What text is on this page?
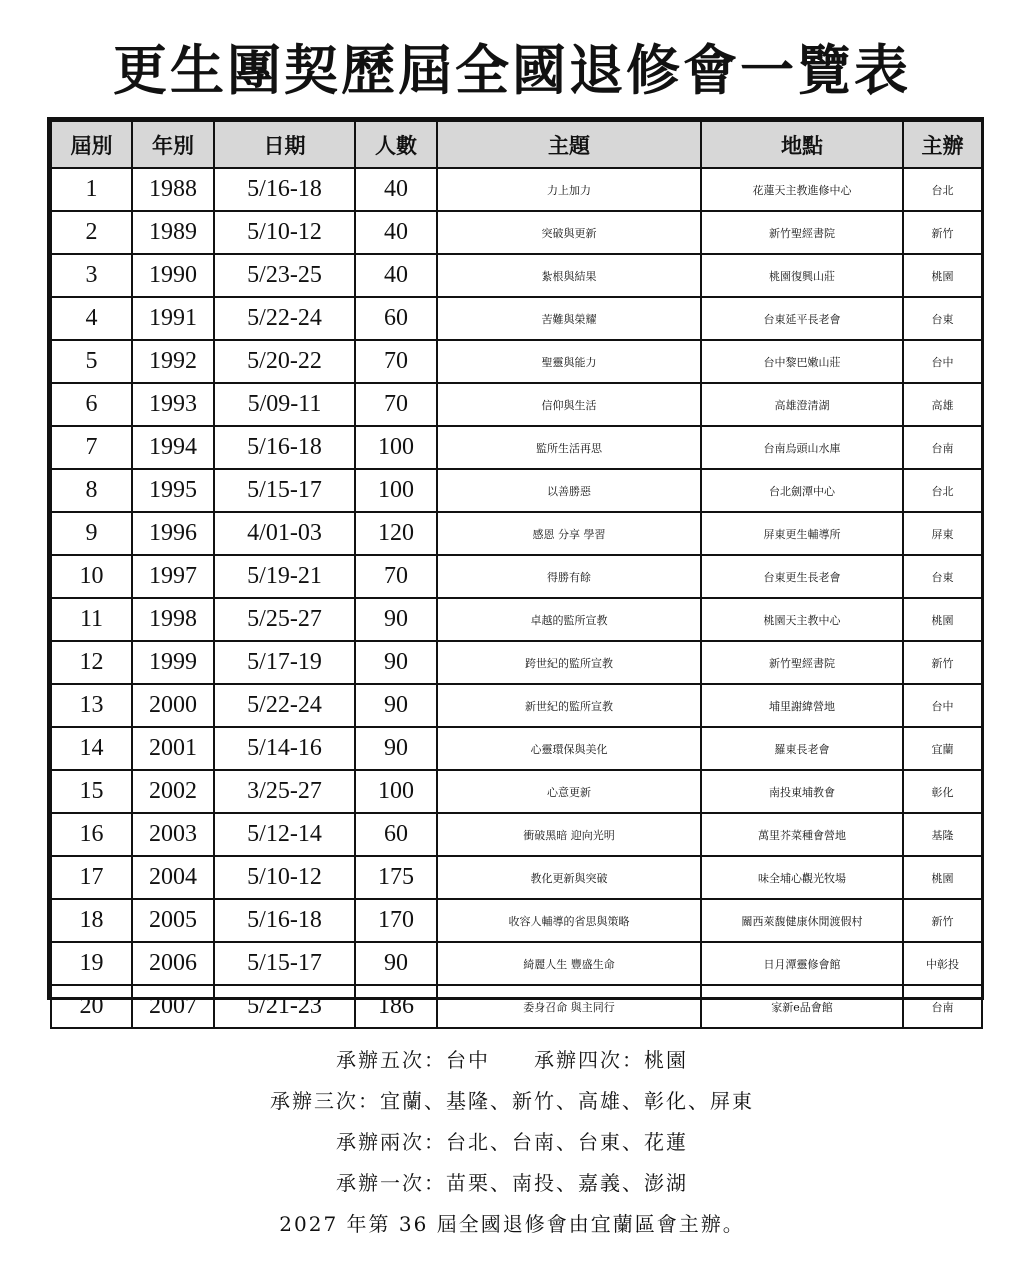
更生團契歷屆全國退修會一覽表
屆別	年別	日期	人數	主題	地點	主辦
1	1988	5/16-18	40	力上加力	花蓮天主教進修中心	台北
2	1989	5/10-12	40	突破與更新	新竹聖經書院	新竹
3	1990	5/23-25	40	紮根與結果	桃園復興山莊	桃園
4	1991	5/22-24	60	苦難與榮耀	台東延平長老會	台東
5	1992	5/20-22	70	聖靈與能力	台中黎巴嫩山莊	台中
6	1993	5/09-11	70	信仰與生活	高雄澄清湖	高雄
7	1994	5/16-18	100	監所生活再思	台南烏頭山水庫	台南
8	1995	5/15-17	100	以善勝惡	台北劍潭中心	台北
9	1996	4/01-03	120	感恩 分享 學習	屏東更生輔導所	屏東
10	1997	5/19-21	70	得勝有餘	台東更生長老會	台東
11	1998	5/25-27	90	卓越的監所宣教	桃園天主教中心	桃園
12	1999	5/17-19	90	跨世紀的監所宣教	新竹聖經書院	新竹
13	2000	5/22-24	90	新世紀的監所宣教	埔里謝緯營地	台中
14	2001	5/14-16	90	心靈環保與美化	羅東長老會	宜蘭
15	2002	3/25-27	100	心意更新	南投東埔教會	彰化
16	2003	5/12-14	60	衝破黑暗 迎向光明	萬里芥菜種會營地	基隆
17	2004	5/10-12	175	教化更新與突破	味全埔心觀光牧場	桃園
18	2005	5/16-18	170	收容人輔導的省思與策略	關西萊馥健康休閒渡假村	新竹
19	2006	5/15-17	90	綺麗人生 豐盛生命	日月潭靈修會館	中彰投
20	2007	5/21-23	186	委身召命 與主同行	家新e品會館	台南
承辦五次：台中 承辦四次：桃園
承辦三次：宜蘭、基隆、新竹、高雄、彰化、屏東
承辦兩次：台北、台南、台東、花蓮
承辦一次：苗栗、南投、嘉義、澎湖
2027 年第 36 屆全國退修會由宜蘭區會主辦。
